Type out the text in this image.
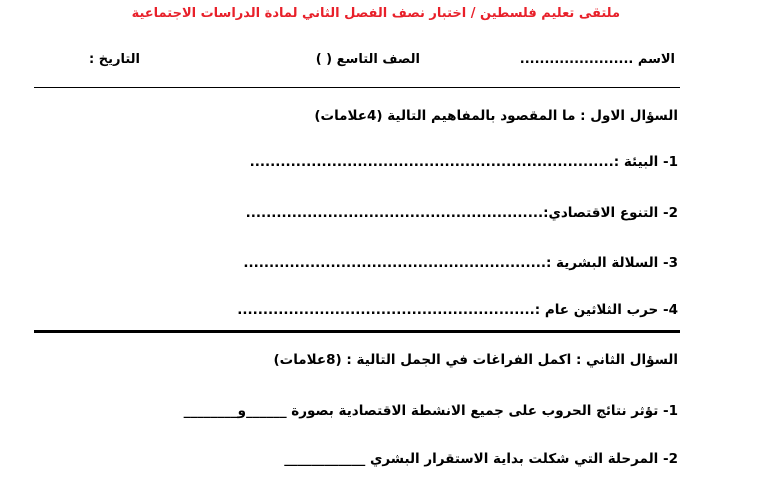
ملتقى تعليم فلسطين / اختبار نصف الفصل الثاني لمادة الدراسات الاجتماعية
الاسم .......................
الصف التاسع ( )
التاريخ :
السؤال الاول : ما المقصود بالمفاهيم التالية (4علامات)
1- البيئة :.......................................................................
2- التنوع الاقتصادي:..........................................................
3- السلالة البشرية :...........................................................
4- حرب الثلاثين عام :..........................................................
السؤال الثاني : اكمل الفراغات في الجمل التالية : (8علامات)
1- تؤثر نتائج الحروب على جميع الانشطة الاقتصادية بصورة ______و________
2- المرحلة التي شكلت بداية الاستقرار البشري ____________
